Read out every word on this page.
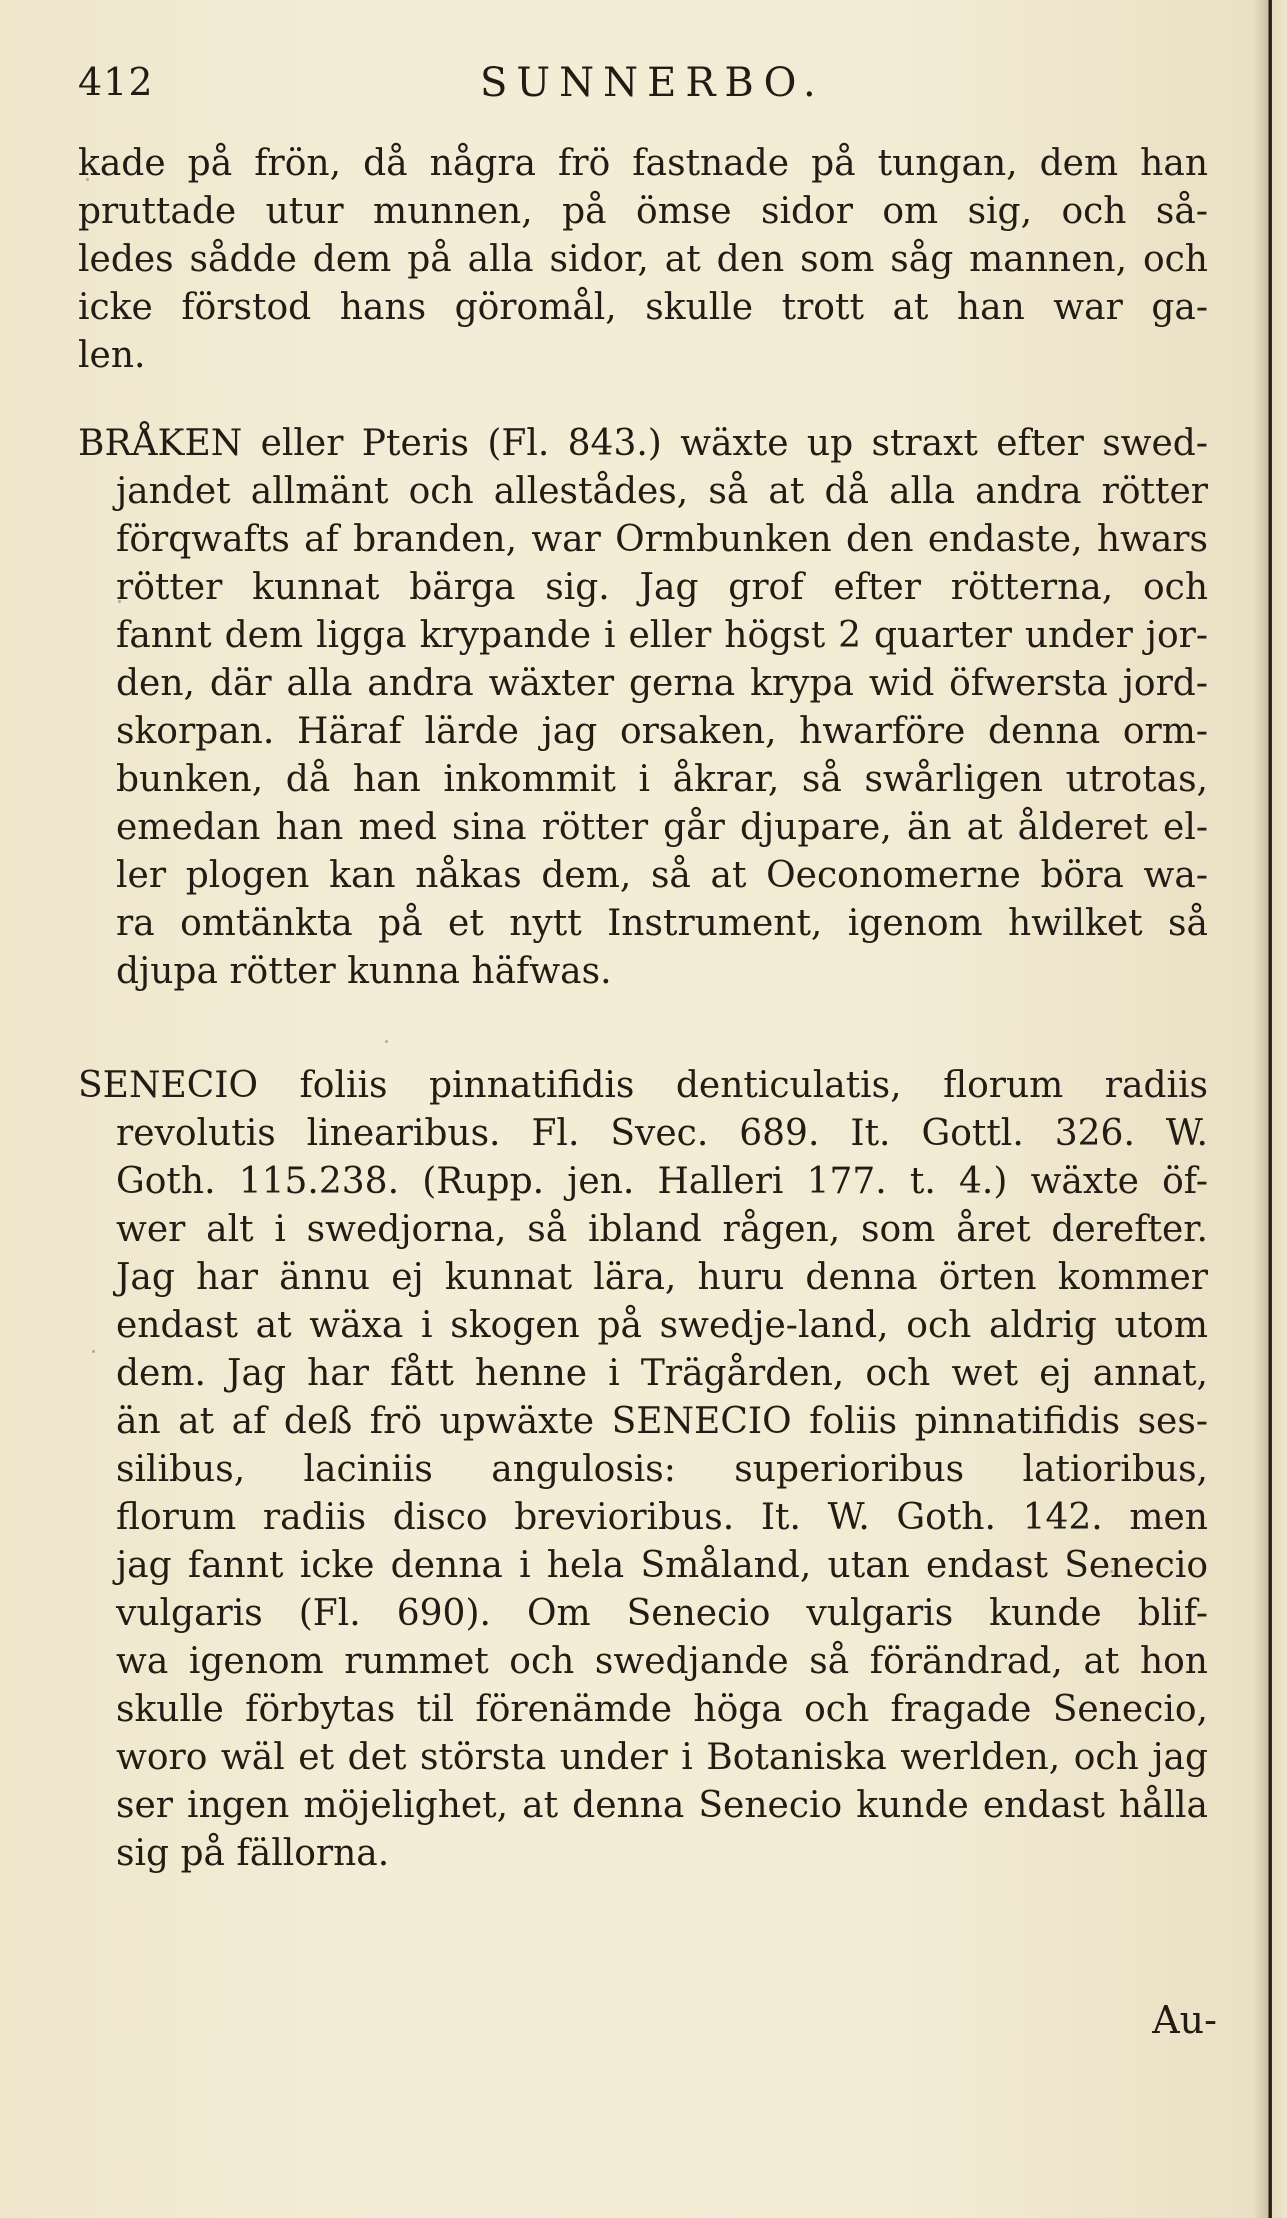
412	SUNNERBO.
kade på frön, då några frö fastnade på tungan, dem han
pruttade utur munnen, på ömse sidor om sig, och så-
ledes sådde dem på alla sidor, at den som såg mannen, och
icke förstod hans göromål, skulle trott at han war ga-
len.
BRÅKEN eller Pteris (Fl. 843.) wäxte up straxt efter swed-
jandet allmänt och allestådes, så at då alla andra rötter
förqwafts af branden, war Ormbunken den endaste, hwars
rötter kunnat bärga sig. Jag grof efter rötterna, och
fannt dem ligga krypande i eller högst 2 quarter under jor-
den, där alla andra wäxter gerna krypa wid öfwersta jord-
skorpan. Häraf lärde jag orsaken, hwarföre denna orm-
bunken, då han inkommit i åkrar, så swårligen utrotas,
emedan han med sina rötter går djupare, än at ålderet el-
ler plogen kan nåkas dem, så at Oeconomerne böra wa-
ra omtänkta på et nytt Instrument, igenom hwilket så
djupa rötter kunna häfwas.
SENECIO foliis pinnatifidis denticulatis, florum radiis
revolutis linearibus. Fl. Svec. 689. It. Gottl. 326. W.
Goth. 115.238. (Rupp. jen. Halleri 177. t. 4.) wäxte öf-
wer alt i swedjorna, så ibland rågen, som året derefter.
Jag har ännu ej kunnat lära, huru denna örten kommer
endast at wäxa i skogen på swedje-land, och aldrig utom
dem. Jag har fått henne i Trägården, och wet ej annat,
än at af deß frö upwäxte SENECIO foliis pinnatifidis ses-
silibus, laciniis angulosis: superioribus latioribus,
florum radiis disco brevioribus. It. W. Goth. 142. men
jag fannt icke denna i hela Småland, utan endast Senecio
vulgaris (Fl. 690). Om Senecio vulgaris kunde blif-
wa igenom rummet och swedjande så förändrad, at hon
skulle förbytas til förenämde höga och fragade Senecio,
woro wäl et det största under i Botaniska werlden, och jag
ser ingen möjelighet, at denna Senecio kunde endast hålla
sig på fällorna.
Au-
